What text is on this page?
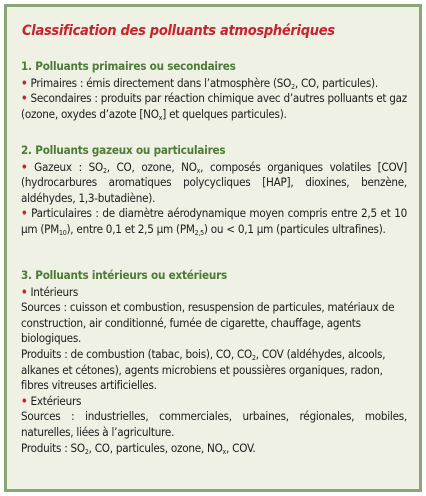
Classification des polluants atmosphériques
1. Polluants primaires ou secondaires

• Primaires : émis directement dans l’atmosphère ($SO_2$, CO, particules).

• Secondaires : produits par réaction chimique avec d’autres polluants et gaz (ozone, oxydes d’azote $[NO_x]$ et quelques particules).

2. Polluants gazeux ou particulaires

• Gazeux : $SO_2$, CO, ozone, $NO_x$, composés organiques volatiles [COV] (hydrocarbures aromatiques polycycliques [HAP], dioxines, benzène, aldéhydes, 1,3-butadiène).

• Particulaires : de diamètre aérodynamique moyen compris entre 2,5 et 10 µm $(PM_{10})$, entre 0,1 et 2,5 µm $(PM_{2,5})$ ou < 0,1 µm (particules ultrafines).

3. Polluants intérieurs ou extérieurs

• Intérieurs

Sources : cuisson et combustion, resuspension de particules, matériaux de construction, air conditionné, fumée de cigarette, chauffage, agents biologiques.

Produits : de combustion (tabac, bois), CO, $CO_2$, COV (aldéhydes, alcools, alkanes et cétones), agents microbiens et poussières organiques, radon, fibres vitreuses artificielles.

• Extérieurs

Sources : industrielles, commerciales, urbaines, régionales, mobiles, naturelles, liées à l’agriculture.

Produits : $SO_2$, CO, particules, ozone, $NO_x$, COV.
